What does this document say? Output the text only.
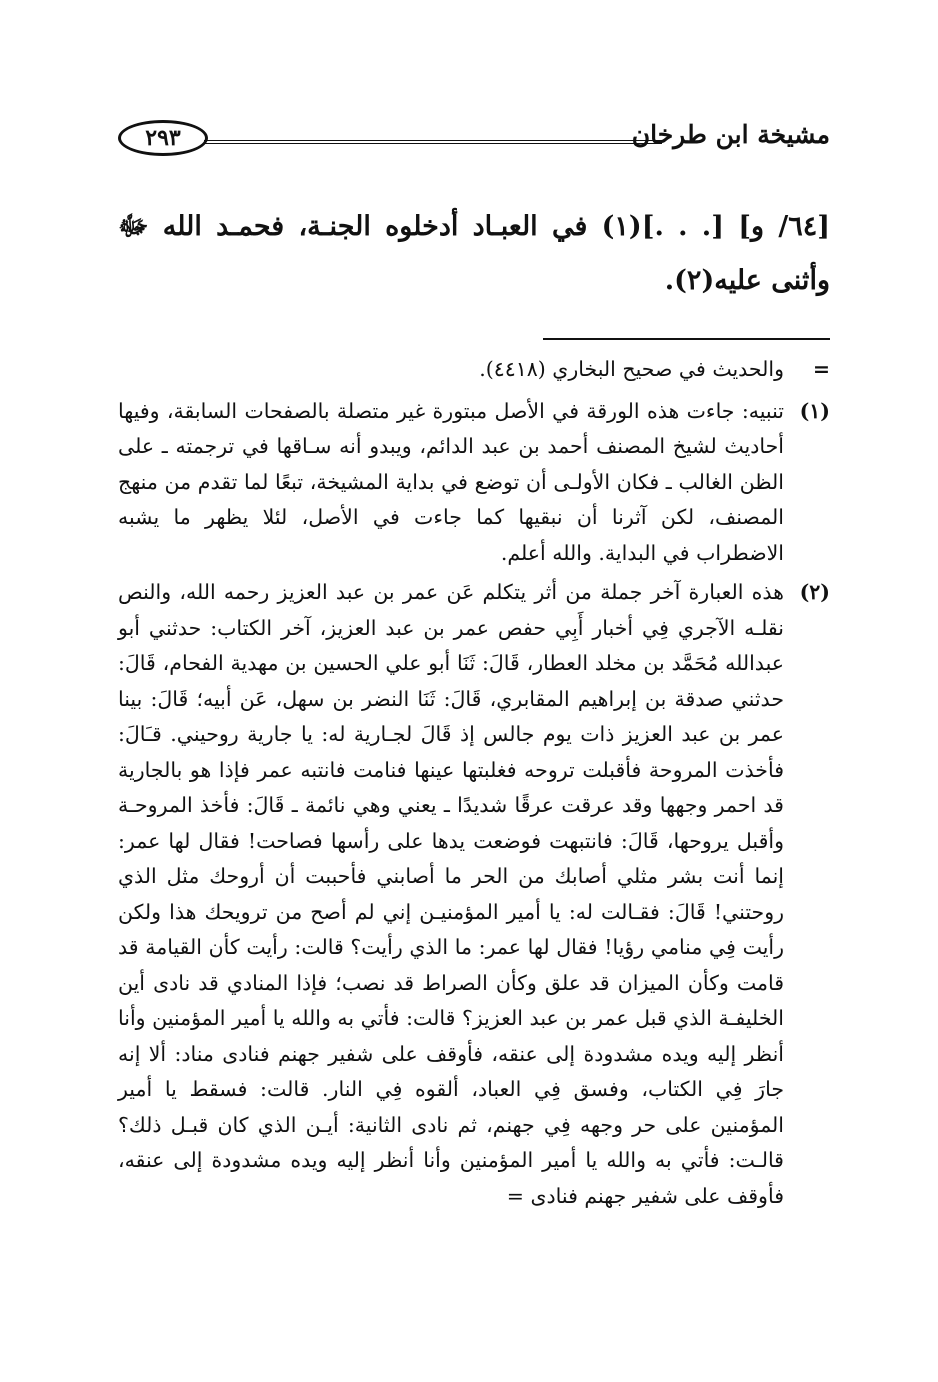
مشيخة ابن طرخان
٢٩٣
[٦٤/ و] [. . .](١) في العبـاد أدخلوه الجنـة، فحمـد الله ﷻ وأثنى عليه(٢).
=
والحديث في صحيح البخاري (٤٤١٨).
(١)
تنبيه: جاءت هذه الورقة في الأصل مبتورة غير متصلة بالصفحات السابقة، وفيها أحاديث لشيخ المصنف أحمد بن عبد الدائم، ويبدو أنه سـاقها في ترجمته ـ على الظن الغالب ـ فكان الأولـى أن توضع في بداية المشيخة، تبعًا لما تقدم من منهج المصنف، لكن آثرنا أن نبقيها كما جاءت في الأصل، لئلا يظهر ما يشبه الاضطراب في البداية. والله أعلم.
(٢)
هذه العبارة آخر جملة من أثر يتكلم عَن عمر بن عبد العزيز رحمه الله، والنص نقلـه الآجري فِي أخبار أَبِي حفص عمر بن عبد العزيز، آخر الكتاب: حدثني أبو عبدالله مُحَمَّد بن مخلد العطار، قَالَ: ثَنَا أبو علي الحسين بن مهدية الفحام، قَالَ: حدثني صدقة بن إبراهيم المقابري، قَالَ: ثَنَا النضر بن سهل، عَن أبيه؛ قَالَ: بينا عمر بن عبد العزيز ذات يوم جالس إذ قَالَ لجـارية له: يا جارية روحيني. قـَالَ: فأخذت المروحة فأقبلت تروحه فغلبتها عينها فنامت فانتبه عمر فإذا هو بالجارية قد احمر وجهها وقد عرقت عرقًا شديدًا ـ يعني وهي نائمة ـ قَالَ: فأخذ المروحـة وأقبل يروحها، قَالَ: فانتبهت فوضعت يدها على رأسها فصاحت! فقال لها عمر: إنما أنت بشر مثلي أصابك من الحر ما أصابني فأحببت أن أروحك مثل الذي روحتني! قَالَ: فقـالت له: يا أمير المؤمنيـن إني لم أصح من ترويحك هذا ولكن رأيت فِي منامي رؤيا! فقال لها عمر: ما الذي رأيت؟ قالت: رأيت كأن القيامة قد قامت وكأن الميزان قد علق وكأن الصراط قد نصب؛ فإذا المنادي قد نادى أين الخليفـة الذي قبل عمر بن عبد العزيز؟ قالت: فأتي به والله يا أمير المؤمنين وأنا أنظر إليه ويده مشدودة إلى عنقه، فأوقف على شفير جهنم فنادى مناد: ألا إنه جارَ فِي الكتاب، وفسق فِي العباد، ألقوه فِي النار. قالت: فسقط يا أمير المؤمنين على حر وجهه فِي جهنم، ثم نادى الثانية: أيـن الذي كان قبـل ذلك؟ قالـت: فأتي به والله يا أمير المؤمنين وأنا أنظر إليه ويده مشدودة إلى عنقه، فأوقف على شفير جهنم فنادى =
